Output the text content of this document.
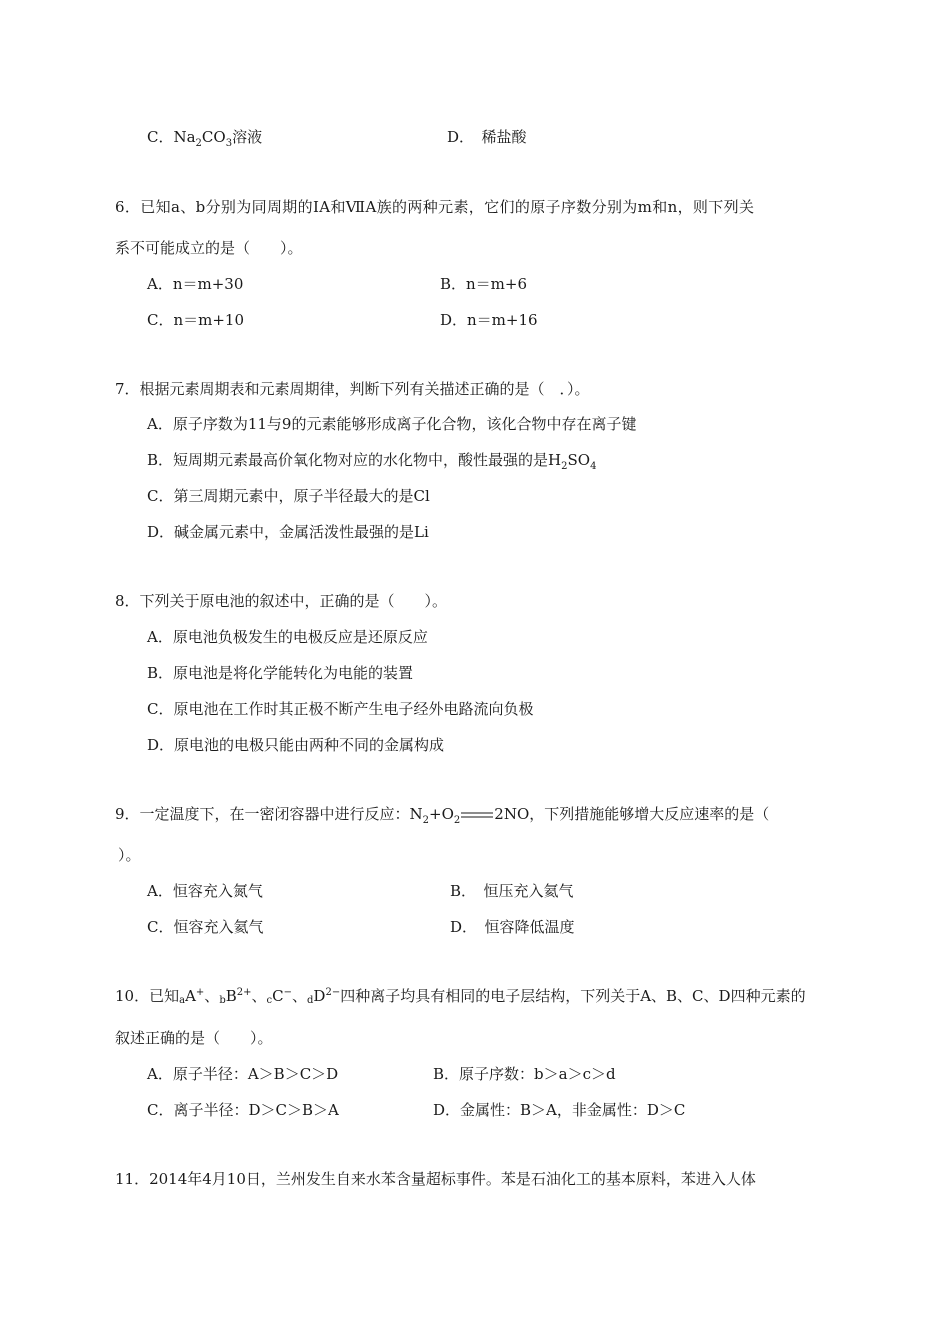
C．$Na_2CO_3$溶液	D．　稀盐酸
6．已知a、b分别为同周期的ⅠA和ⅦA族的两种元素，它们的原子序数分别为m和n，则下列关
系不可能成立的是（　　）。
A．n＝m+30	B．n＝m+6
C．n＝m+10	D．n＝m+16
7．根据元素周期表和元素周期律，判断下列有关描述正确的是（　．）。
A．原子序数为11与9的元素能够形成离子化合物，该化合物中存在离子键
B．短周期元素最高价氧化物对应的水化物中，酸性最强的是$H_2SO_4$
C．第三周期元素中，原子半径最大的是Cl
D．碱金属元素中，金属活泼性最强的是Li
8．下列关于原电池的叙述中，正确的是（　　）。
A．原电池负极发生的电极反应是还原反应
B．原电池是将化学能转化为电能的装置
C．原电池在工作时其正极不断产生电子经外电路流向负极
D．原电池的电极只能由两种不同的金属构成
9．一定温度下，在一密闭容器中进行反应：$N_2+O_2$ 2NO，下列措施能够增大反应速率的是（
）。
A．恒容充入氮气	B．　恒压充入氦气
C．恒容充入氦气	D．　恒容降低温度
10．已知aA+、$bB^{2+}$、cC−、$dD^{2-}$四种离子均具有相同的电子层结构，下列关于A、B、C、D四种元素的
叙述正确的是（　　）。
A．原子半径：A＞B＞C＞D	B．原子序数：b＞a＞c＞d
C．离子半径：D＞C＞B＞A	D．金属性：B＞A，非金属性：D＞C
11．2014年4月10日，兰州发生自来水苯含量超标事件。苯是石油化工的基本原料，苯进入人体
